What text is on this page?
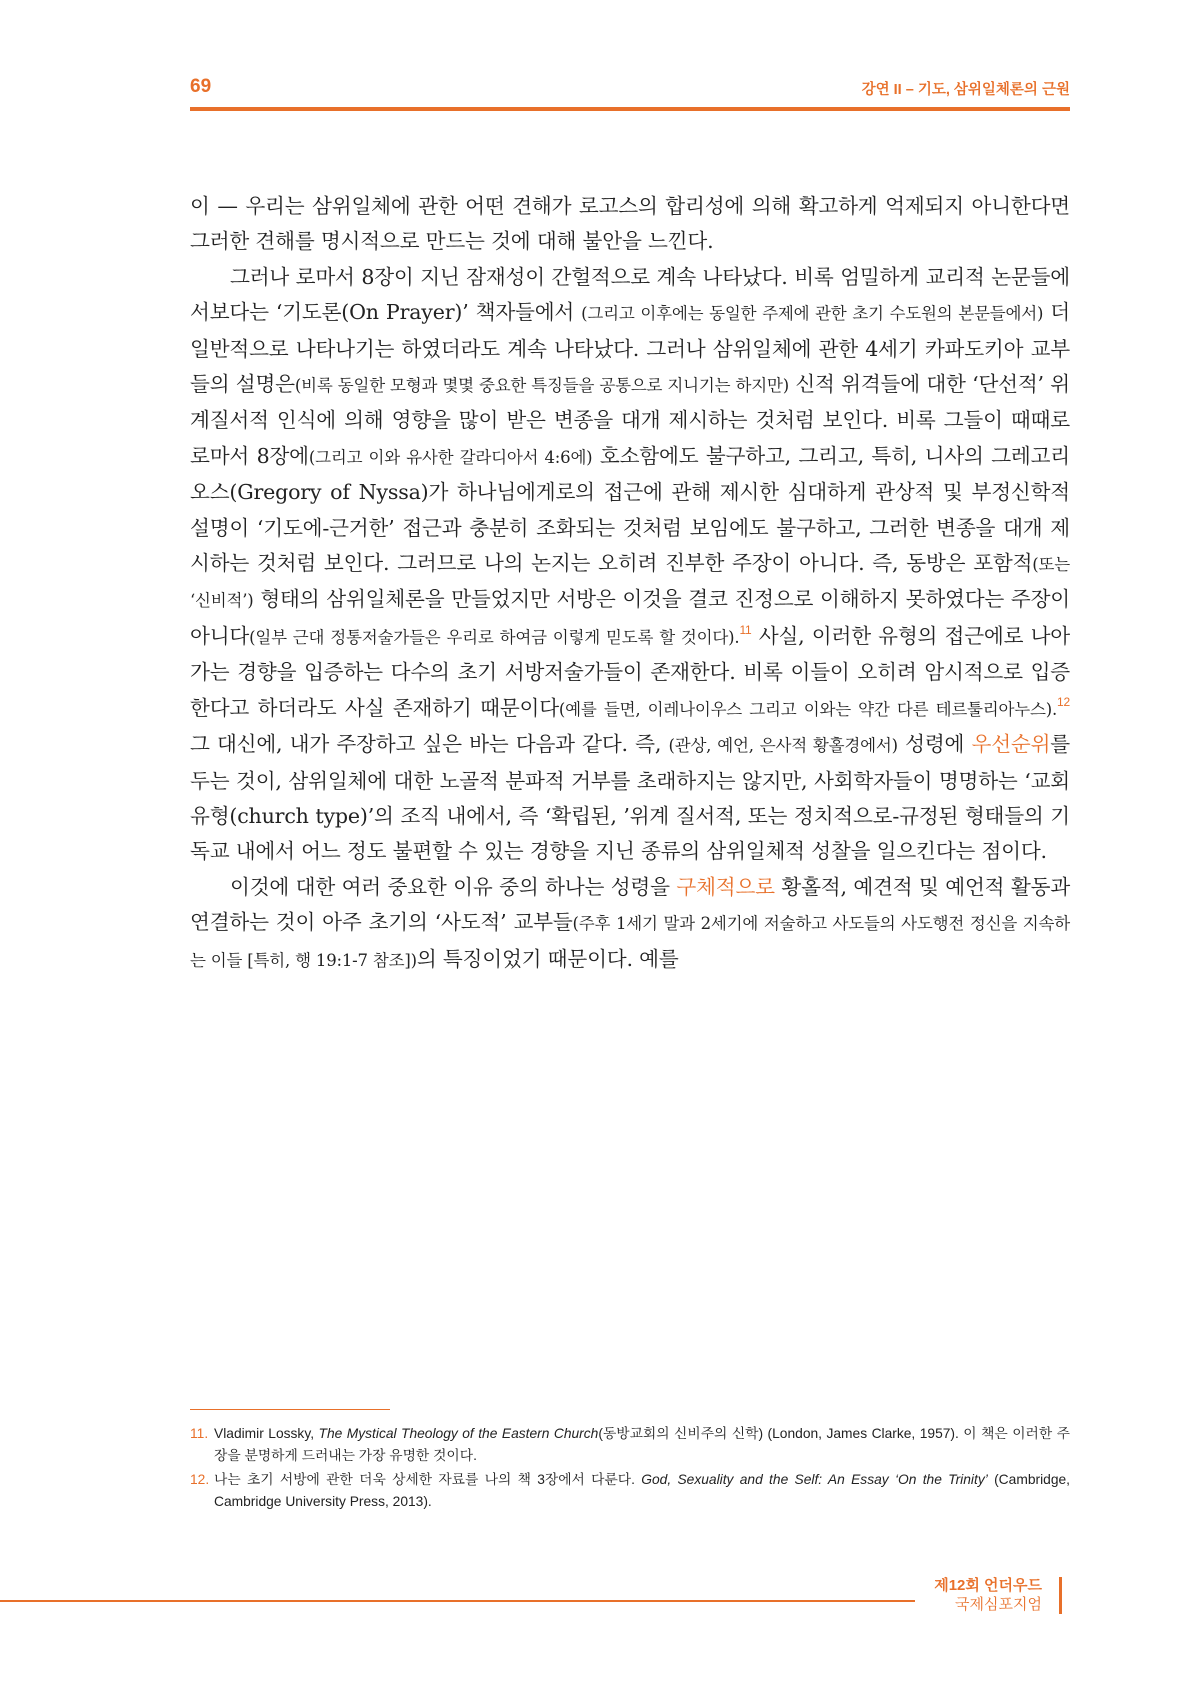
69	강연 II – 기도, 삼위일체론의 근원

이 — 우리는 삼위일체에 관한 어떤 견해가 로고스의 합리성에 의해 확고하게 억제되지 아니한다면 그러한 견해를 명시적으로 만드는 것에 대해 불안을 느낀다.

그러나 로마서 8장이 지닌 잠재성이 간헐적으로 계속 나타났다. 비록 엄밀하게 교리적 논문들에서보다는 ‘기도론(On Prayer)’ 책자들에서 (그리고 이후에는 동일한 주제에 관한 초기 수도원의 본문들에서) 더 일반적으로 나타나기는 하였더라도 계속 나타났다. 그러나 삼위일체에 관한 4세기 카파도키아 교부들의 설명은(비록 동일한 모형과 몇몇 중요한 특징들을 공통으로 지니기는 하지만) 신적 위격들에 대한 ‘단선적’ 위계질서적 인식에 의해 영향을 많이 받은 변종을 대개 제시하는 것처럼 보인다. 비록 그들이 때때로 로마서 8장에(그리고 이와 유사한 갈라디아서 4:6에) 호소함에도 불구하고, 그리고, 특히, 니사의 그레고리오스(Gregory of Nyssa)가 하나님에게로의 접근에 관해 제시한 심대하게 관상적 및 부정신학적 설명이 ‘기도에-근거한’ 접근과 충분히 조화되는 것처럼 보임에도 불구하고, 그러한 변종을 대개 제시하는 것처럼 보인다. 그러므로 나의 논지는 오히려 진부한 주장이 아니다. 즉, 동방은 포함적(또는 ‘신비적’) 형태의 삼위일체론을 만들었지만 서방은 이것을 결코 진정으로 이해하지 못하였다는 주장이 아니다(일부 근대 정통저술가들은 우리로 하여금 이렇게 믿도록 할 것이다).$^{11}$ 사실, 이러한 유형의 접근에로 나아가는 경향을 입증하는 다수의 초기 서방저술가들이 존재한다. 비록 이들이 오히려 암시적으로 입증한다고 하더라도 사실 존재하기 때문이다(예를 들면, 이레나이우스 그리고 이와는 약간 다른 테르툴리아누스).$^{12}$ 그 대신에, 내가 주장하고 싶은 바는 다음과 같다. 즉, (관상, 예언, 은사적 황홀경에서) 성령에 우선순위를 두는 것이, 삼위일체에 대한 노골적 분파적 거부를 초래하지는 않지만, 사회학자들이 명명하는 ‘교회 유형(church type)’의 조직 내에서, 즉 ‘확립된, ’위계 질서적, 또는 정치적으로-규정된 형태들의 기독교 내에서 어느 정도 불편할 수 있는 경향을 지닌 종류의 삼위일체적 성찰을 일으킨다는 점이다.

이것에 대한 여러 중요한 이유 중의 하나는 성령을 구체적으로 황홀적, 예견적 및 예언적 활동과 연결하는 것이 아주 초기의 ‘사도적’ 교부들(주후 1세기 말과 2세기에 저술하고 사도들의 사도행전 정신을 지속하는 이들 [특히, 행 19:1-7 참조])의 특징이었기 때문이다. 예를

11. Vladimir Lossky, The Mystical Theology of the Eastern Church(동방교회의 신비주의 신학) (London, James Clarke, 1957). 이 책은 이러한 주장을 분명하게 드러내는 가장 유명한 것이다.

12. 나는 초기 서방에 관한 더욱 상세한 자료를 나의 책 3장에서 다룬다. God, Sexuality and the Self: An Essay ‘On the Trinity’ (Cambridge, Cambridge University Press, 2013).

제12회 언더우드
국제심포지엄
